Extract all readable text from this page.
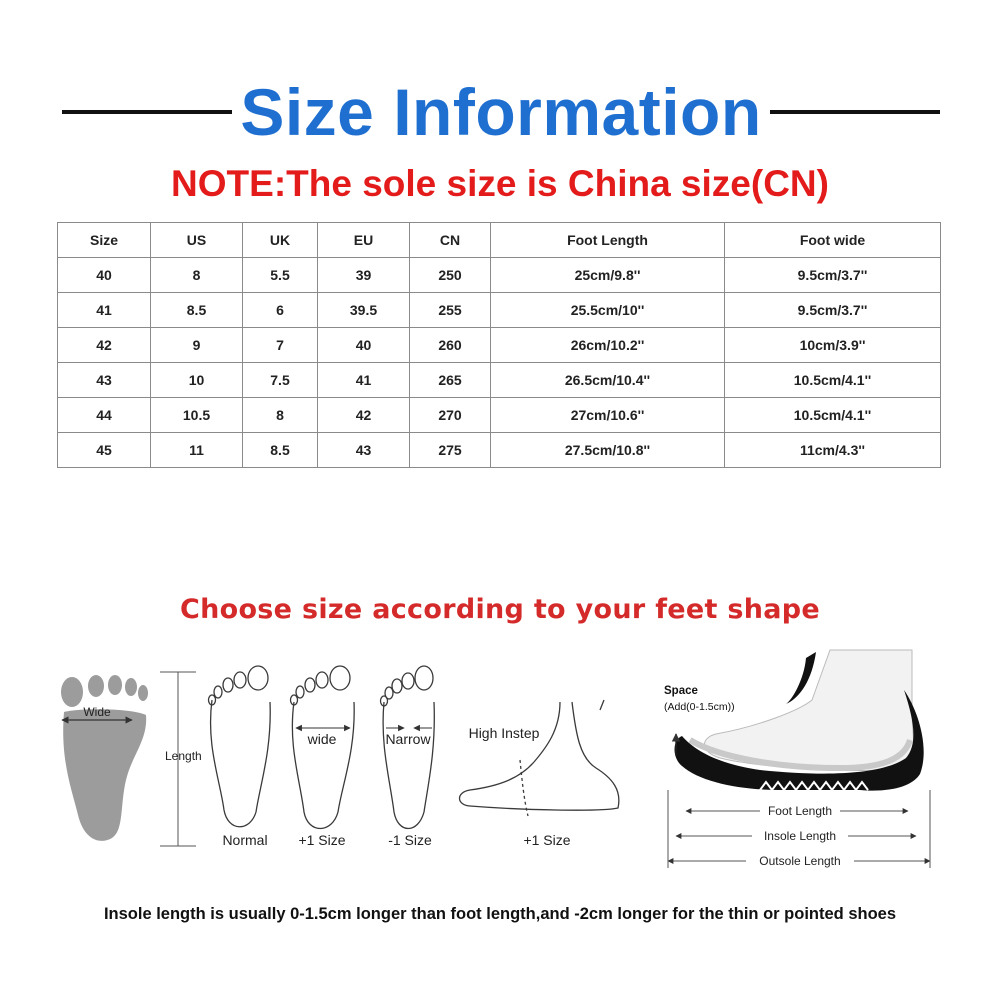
Size Information
NOTE:The sole size is China size(CN)
Size	US	UK	EU	CN	Foot Length	Foot wide
40	8	5.5	39	250	25cm/9.8''	9.5cm/3.7''
41	8.5	6	39.5	255	25.5cm/10''	9.5cm/3.7''
42	9	7	40	260	26cm/10.2''	10cm/3.9''
43	10	7.5	41	265	26.5cm/10.4''	10.5cm/4.1''
44	10.5	8	42	270	27cm/10.6''	10.5cm/4.1''
45	11	8.5	43	275	27.5cm/10.8''	11cm/4.3''
Choose size according to your feet shape
Wide
Length
Normal
wide
+1 Size
Narrow
-1 Size
High Instep
+1 Size
Space
(Add(0-1.5cm))
Foot Length
Insole Length
Outsole Length
Insole length is usually 0-1.5cm longer than foot length,and -2cm longer for the thin or pointed shoes
